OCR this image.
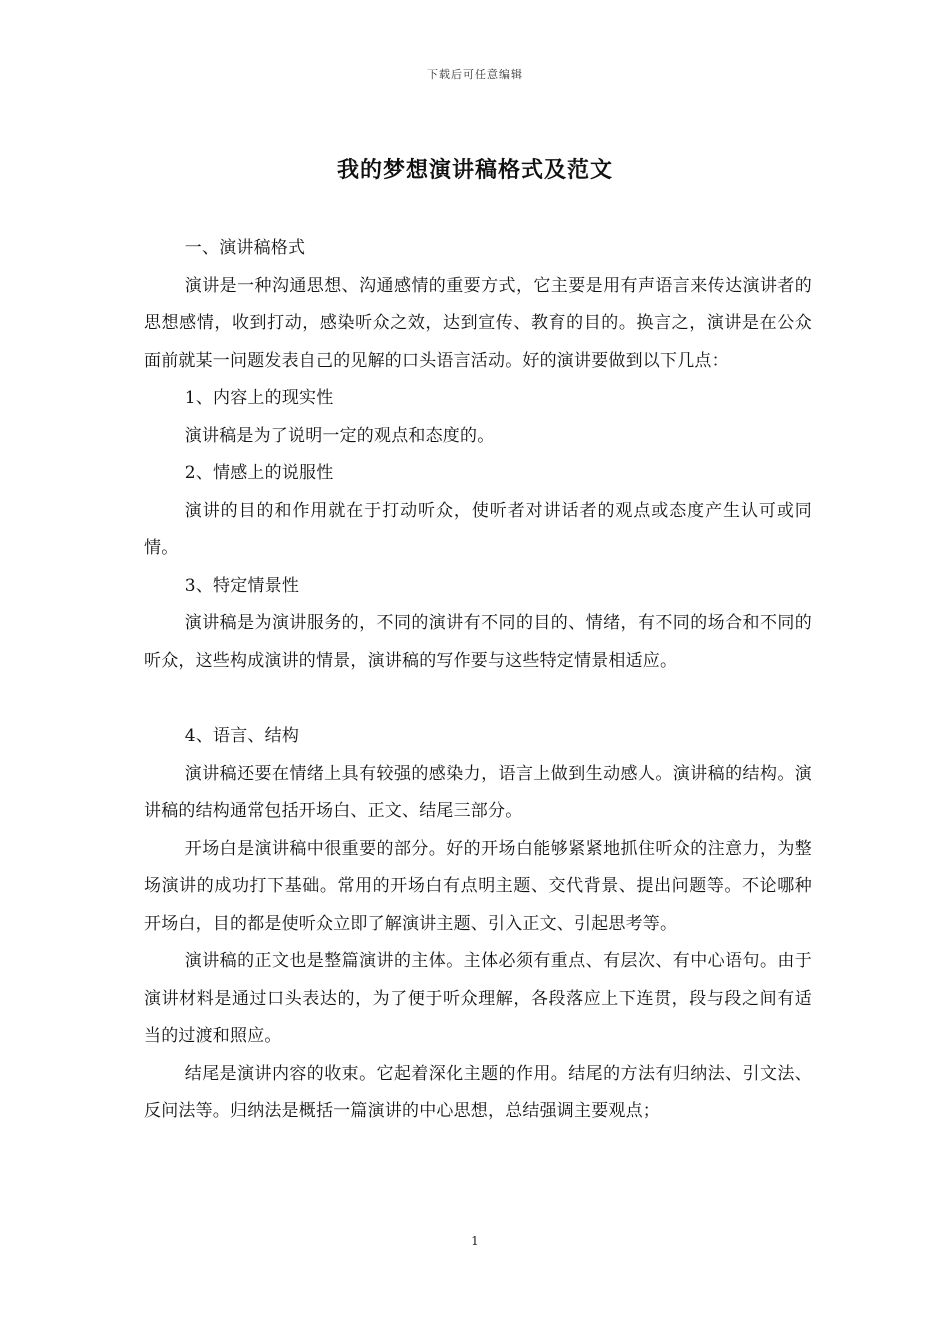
下载后可任意编辑
我的梦想演讲稿格式及范文

一、演讲稿格式

演讲是一种沟通思想、沟通感情的重要方式，它主要是用有声语言来传达演讲者的思想感情，收到打动，感染听众之效，达到宣传、教育的目的。换言之，演讲是在公众面前就某一问题发表自己的见解的口头语言活动。好的演讲要做到以下几点：

1、内容上的现实性

演讲稿是为了说明一定的观点和态度的。

2、情感上的说服性

演讲的目的和作用就在于打动听众，使听者对讲话者的观点或态度产生认可或同情。

3、特定情景性

演讲稿是为演讲服务的，不同的演讲有不同的目的、情绪，有不同的场合和不同的听众，这些构成演讲的情景，演讲稿的写作要与这些特定情景相适应。

4、语言、结构

演讲稿还要在情绪上具有较强的感染力，语言上做到生动感人。演讲稿的结构。演讲稿的结构通常包括开场白、正文、结尾三部分。

开场白是演讲稿中很重要的部分。好的开场白能够紧紧地抓住听众的注意力，为整场演讲的成功打下基础。常用的开场白有点明主题、交代背景、提出问题等。不论哪种开场白，目的都是使听众立即了解演讲主题、引入正文、引起思考等。

演讲稿的正文也是整篇演讲的主体。主体必须有重点、有层次、有中心语句。由于演讲材料是通过口头表达的，为了便于听众理解，各段落应上下连贯，段与段之间有适当的过渡和照应。

结尾是演讲内容的收束。它起着深化主题的作用。结尾的方法有归纳法、引文法、反问法等。归纳法是概括一篇演讲的中心思想，总结强调主要观点；

1
